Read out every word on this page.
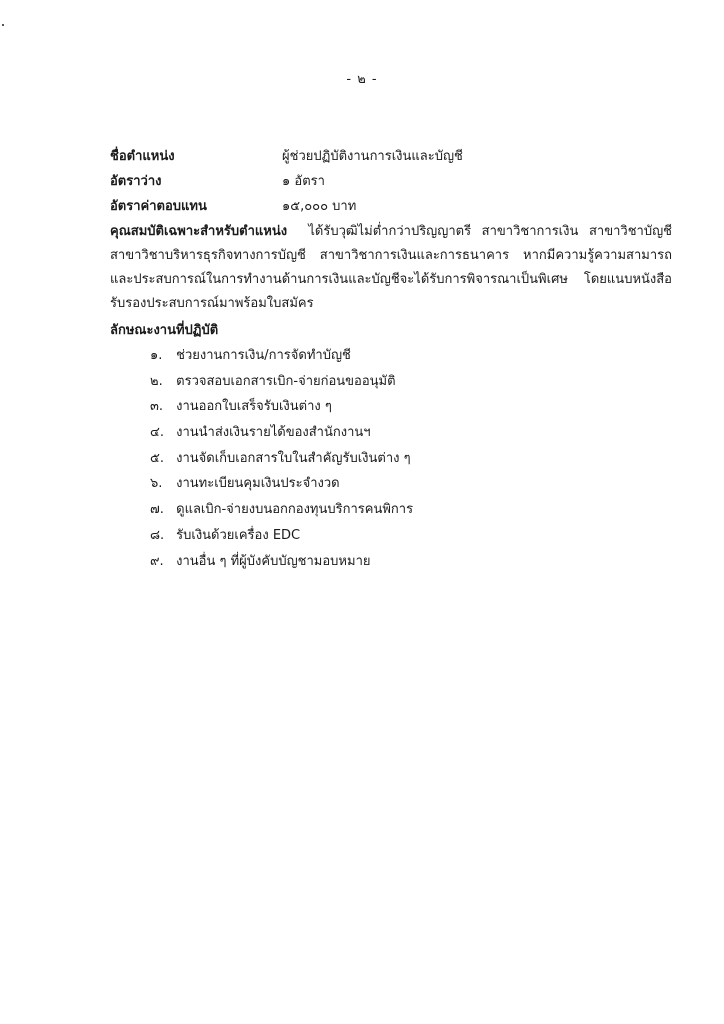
- ๒ -
ชื่อตำแหน่ง	ผู้ช่วยปฏิบัติงานการเงินและบัญชี
อัตราว่าง	๑ อัตรา
อัตราค่าตอบแทน	๑๕,๐๐๐ บาท
คุณสมบัติเฉพาะสำหรับตำแหน่ง ได้รับวุฒิไม่ต่ำกว่าปริญญาตรี สาขาวิชาการเงิน สาขาวิชาบัญชี สาขาวิชาบริหารธุรกิจทางการบัญชี สาขาวิชาการเงินและการธนาคาร หากมีความรู้ความสามารถและประสบการณ์ในการทำงานด้านการเงินและบัญชีจะได้รับการพิจารณาเป็นพิเศษ โดยแนบหนังสือรับรองประสบการณ์มาพร้อมใบสมัคร
ลักษณะงานที่ปฏิบัติ
๑. ช่วยงานการเงิน/การจัดทำบัญชี
๒. ตรวจสอบเอกสารเบิก-จ่ายก่อนขออนุมัติ
๓. งานออกใบเสร็จรับเงินต่าง ๆ
๔. งานนำส่งเงินรายได้ของสำนักงานฯ
๕. งานจัดเก็บเอกสารใบในสำคัญรับเงินต่าง ๆ
๖. งานทะเบียนคุมเงินประจำงวด
๗. ดูแลเบิก-จ่ายงบนอกกองทุนบริการคนพิการ
๘. รับเงินด้วยเครื่อง EDC
๙. งานอื่น ๆ ที่ผู้บังคับบัญชามอบหมาย
